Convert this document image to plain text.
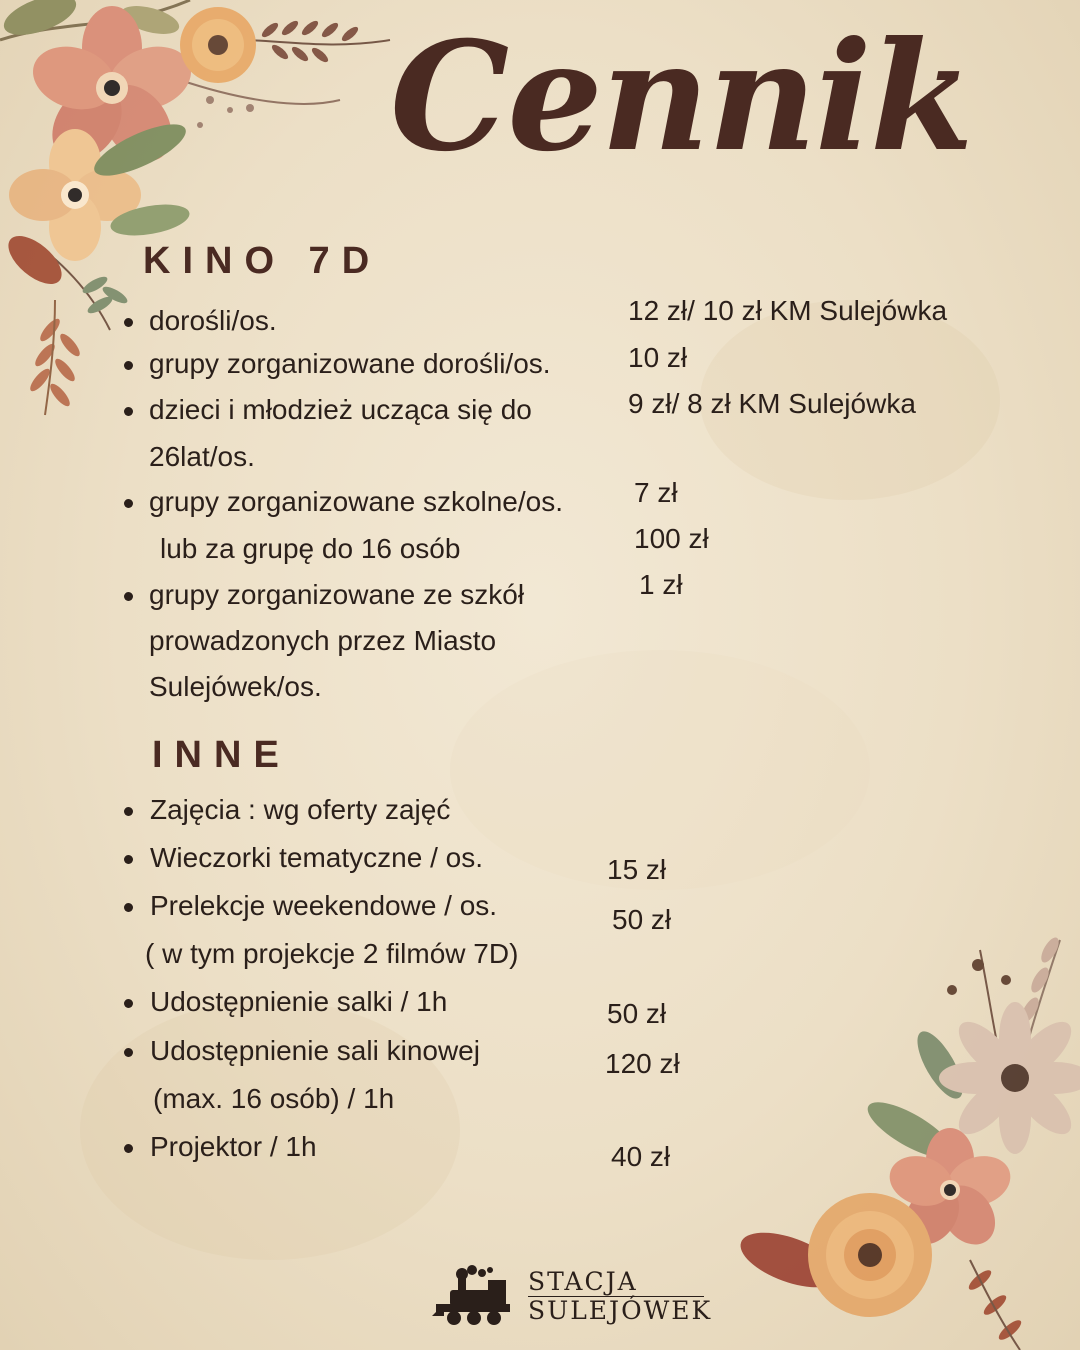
Cennik
KINO 7D
dorośli/os.
grupy zorganizowane dorośli/os.
dzieci i młodzież ucząca się do
26lat/os.
grupy zorganizowane szkolne/os.
lub za grupę do 16 osób
grupy zorganizowane ze szkół
prowadzonych przez Miasto
Sulejówek/os.
12 zł/ 10 zł KM Sulejówka
10 zł
9 zł/ 8 zł KM Sulejówka
7 zł
100 zł
1 zł
INNE
Zajęcia : wg oferty zajęć
Wieczorki tematyczne / os.
Prelekcje weekendowe / os.
( w tym projekcje 2 filmów 7D)
Udostępnienie salki / 1h
Udostępnienie sali kinowej
(max. 16 osób) / 1h
Projektor / 1h
15 zł
50 zł
50 zł
120 zł
40 zł
STACJA
SULEJÓWEK
